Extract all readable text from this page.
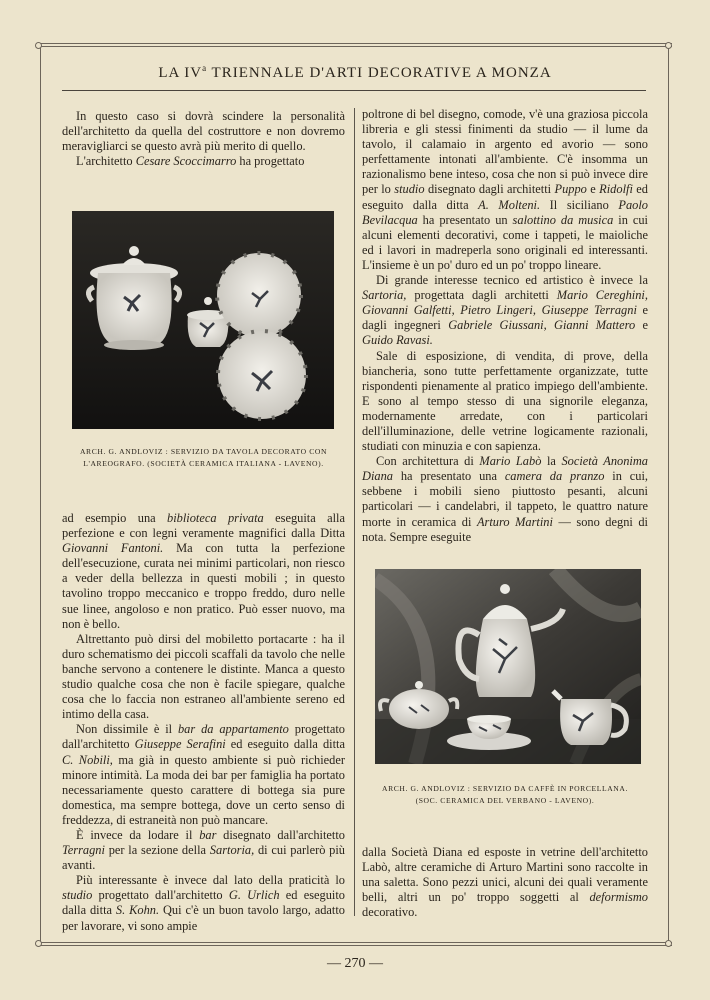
LA $IV^a$ TRIENNALE D'ARTI DECORATIVE A MONZA

In questo caso si dovrà scindere la personalità dell'architetto da quella del costruttore e non dovremo meravigliarci se questo avrà più merito di quello.

L'architetto Cesare Scoccimarro ha progettato

ARCH. G. ANDLOVIZ : SERVIZIO DA TAVOLA DECORATO CON
L'AREOGRAFO. (SOCIETÀ CERAMICA ITALIANA - LAVENO).

ad esempio una biblioteca privata eseguita alla perfezione e con legni veramente magnifici dalla Ditta Giovanni Fantoni. Ma con tutta la perfezione dell'esecuzione, curata nei minimi particolari, non riesco a veder della bellezza in questi mobili ; in questo tavolino troppo meccanico e troppo freddo, duro nelle sue linee, angoloso e non pratico. Può esser nuovo, ma non è bello.

Altrettanto può dirsi del mobiletto portacarte : ha il duro schematismo dei piccoli scaffali da tavolo che nelle banche servono a contenere le distinte. Manca a questo studio qualche cosa che non è facile spiegare, qualche cosa che lo faccia non estraneo all'ambiente sereno ed intimo della casa.

Non dissimile è il bar da appartamento progettato dall'architetto Giuseppe Serafini ed eseguito dalla ditta C. Nobili, ma già in questo ambiente si può richieder minore intimità. La moda dei bar per famiglia ha portato necessariamente questo carattere di bottega sia pure domestica, ma sempre bottega, dove un certo senso di freddezza, di estraneità non può mancare.

È invece da lodare il bar disegnato dall'architetto Terragni per la sezione della Sartoria, di cui parlerò più avanti.

Più interessante è invece dal lato della praticità lo studio progettato dall'architetto G. Urlich ed eseguito dalla ditta S. Kohn. Qui c'è un buon tavolo largo, adatto per lavorare, vi sono ampie

poltrone di bel disegno, comode, v'è una graziosa piccola libreria e gli stessi finimenti da studio — il lume da tavolo, il calamaio in argento ed avorio — sono perfettamente intonati all'ambiente. C'è insomma un razionalismo bene inteso, cosa che non si può invece dire per lo studio disegnato dagli architetti Puppo e Ridolfi ed eseguito dalla ditta A. Molteni. Il siciliano Paolo Bevilacqua ha presentato un salottino da musica in cui alcuni elementi decorativi, come i tappeti, le maioliche ed i lavori in madreperla sono originali ed interessanti. L'insieme è un po' duro ed un po' troppo lineare.

Di grande interesse tecnico ed artistico è invece la Sartoria, progettata dagli architetti Mario Cereghini, Giovanni Galfetti, Pietro Lingeri, Giuseppe Terragni e dagli ingegneri Gabriele Giussani, Gianni Mattero e Guido Ravasi.

Sale di esposizione, di vendita, di prove, della biancheria, sono tutte perfettamente organizzate, tutte rispondenti pienamente al pratico impiego dell'ambiente. E sono al tempo stesso di una signorile eleganza, modernamente arredate, con i particolari dell'illuminazione, delle vetrine logicamente razionali, studiati con minuzia e con sapienza.

Con architettura di Mario Labò la Società Anonima Diana ha presentato una camera da pranzo in cui, sebbene i mobili sieno piuttosto pesanti, alcuni particolari — i candelabri, il tappeto, le quattro nature morte in ceramica di Arturo Martini — sono degni di nota. Sempre eseguite

ARCH. G. ANDLOVIZ : SERVIZIO DA CAFFÈ IN PORCELLANA.
(SOC. CERAMICA DEL VERBANO - LAVENO).

dalla Società Diana ed esposte in vetrine dell'architetto Labò, altre ceramiche di Arturo Martini sono raccolte in una saletta. Sono pezzi unici, alcuni dei quali veramente belli, altri un po' troppo soggetti al deformismo decorativo.

— 270 —
